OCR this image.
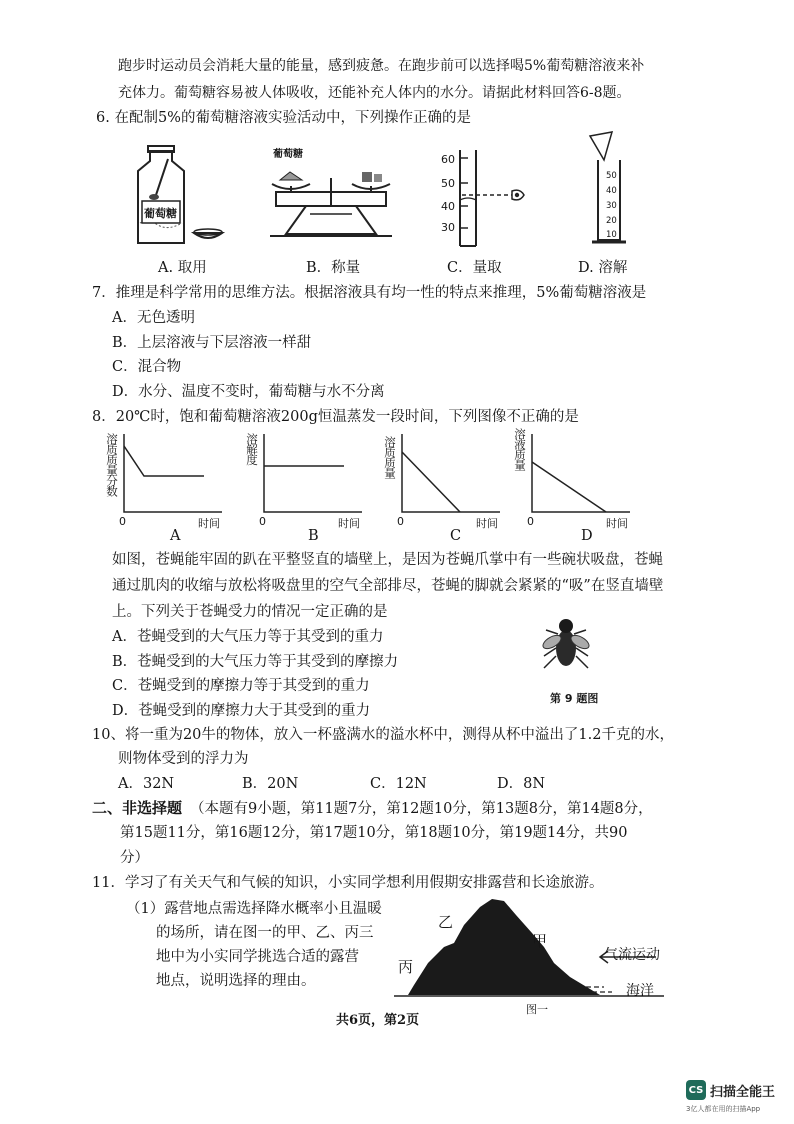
跑步时运动员会消耗大量的能量，感到疲惫。在跑步前可以选择喝5%葡萄糖溶液来补
充体力。葡萄糖容易被人体吸收，还能补充人体内的水分。请据此材料回答6-8题。
6. 在配制5%的葡萄糖溶液实验活动中，下列操作正确的是
葡萄糖
葡萄糖	60
50
40
30
50
40
30
20
10
A. 取用	B．称量	C．量取	D. 溶解
7．推理是科学常用的思维方法。根据溶液具有均一性的特点来推理，5%葡萄糖溶液是
A．无色透明
B．上层溶液与下层溶液一样甜
C．混合物
D．水分、温度不变时，葡萄糖与水不分离
8．20℃时，饱和葡萄糖溶液200g恒温蒸发一段时间，下列图像不正确的是
溶质质量分数
0	时间
A
溶解度
0	时间
B
溶质质量
0	时间
C
溶液质量
0	时间
D
如图，苍蝇能牢固的趴在平整竖直的墙壁上，是因为苍蝇爪掌中有一些碗状吸盘，苍蝇
通过肌肉的收缩与放松将吸盘里的空气全部排尽，苍蝇的脚就会紧紧的“吸”在竖直墙壁
上。下列关于苍蝇受力的情况一定正确的是
A．苍蝇受到的大气压力等于其受到的重力
B．苍蝇受到的大气压力等于其受到的摩擦力
C．苍蝇受到的摩擦力等于其受到的重力
D．苍蝇受到的摩擦力大于其受到的重力
第 9 题图
10、将一重为20牛的物体，放入一杯盛满水的溢水杯中，测得从杯中溢出了1.2千克的水，
则物体受到的浮力为
A．32N	B．20N	C．12N	D．8N
二、非选择题 （本题有9小题，第11题7分，第12题10分，第13题8分，第14题8分，
第15题11分，第16题12分，第17题10分，第18题10分，第19题14分，共90
分）
11．学习了有关天气和气候的知识，小实同学想利用假期安排露营和长途旅游。
（1）露营地点需选择降水概率小且温暖
的场所，请在图一的甲、乙、丙三
地中为小实同学挑选合适的露营
地点，说明选择的理由。
乙
甲
丙
气流运动
海洋
图一
共6页，第2页
CS 扫描全能王
3亿人都在用的扫描App
